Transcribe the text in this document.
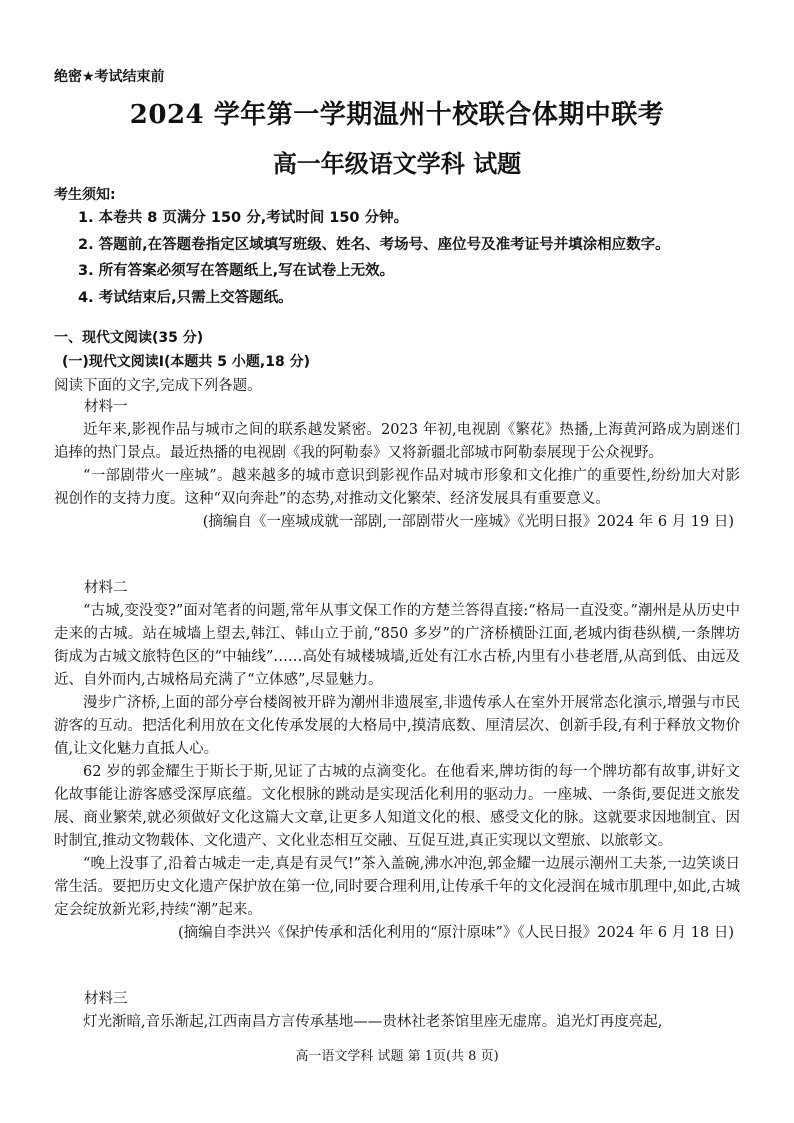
绝密★考试结束前
2024 学年第一学期温州十校联合体期中联考
高一年级语文学科 试题
考生须知:
1. 本卷共 8 页满分 150 分,考试时间 150 分钟。
2. 答题前,在答题卷指定区域填写班级、姓名、考场号、座位号及准考证号并填涂相应数字。
3. 所有答案必须写在答题纸上,写在试卷上无效。
4. 考试结束后,只需上交答题纸。
一、现代文阅读(35 分)
(一)现代文阅读Ⅰ(本题共 5 小题,18 分)
阅读下面的文字,完成下列各题。

材料一

近年来,影视作品与城市之间的联系越发紧密。2023 年初,电视剧《繁花》热播,上海黄河路成为剧迷们追捧的热门景点。最近热播的电视剧《我的阿勒泰》又将新疆北部城市阿勒泰展现于公众视野。

“一部剧带火一座城”。越来越多的城市意识到影视作品对城市形象和文化推广的重要性,纷纷加大对影视创作的支持力度。这种“双向奔赴”的态势,对推动文化繁荣、经济发展具有重要意义。

(摘编自《一座城成就一部剧,一部剧带火一座城》《光明日报》2024 年 6 月 19 日)

材料二

“古城,变没变?”面对笔者的问题,常年从事文保工作的方楚兰答得直接:“格局一直没变。”潮州是从历史中走来的古城。站在城墙上望去,韩江、韩山立于前,“850 多岁”的广济桥横卧江面,老城内街巷纵横,一条牌坊街成为古城文旅特色区的“中轴线”……高处有城楼城墙,近处有江水古桥,内里有小巷老厝,从高到低、由远及近、自外而内,古城格局充满了“立体感”,尽显魅力。

漫步广济桥,上面的部分亭台楼阁被开辟为潮州非遗展室,非遗传承人在室外开展常态化演示,增强与市民游客的互动。把活化利用放在文化传承发展的大格局中,摸清底数、厘清层次、创新手段,有利于释放文物价值,让文化魅力直抵人心。

62 岁的郭金耀生于斯长于斯,见证了古城的点滴变化。在他看来,牌坊街的每一个牌坊都有故事,讲好文化故事能让游客感受深厚底蕴。文化根脉的跳动是实现活化利用的驱动力。一座城、一条街,要促进文旅发展、商业繁荣,就必须做好文化这篇大文章,让更多人知道文化的根、感受文化的脉。这就要求因地制宜、因时制宜,推动文物载体、文化遗产、文化业态相互交融、互促互进,真正实现以文塑旅、以旅彰文。

“晚上没事了,沿着古城走一走,真是有灵气!”茶入盖碗,沸水冲泡,郭金耀一边展示潮州工夫茶,一边笑谈日常生活。要把历史文化遗产保护放在第一位,同时要合理利用,让传承千年的文化浸润在城市肌理中,如此,古城定会绽放新光彩,持续“潮”起来。

(摘编自李洪兴《保护传承和活化利用的“原汁原味”》《人民日报》2024 年 6 月 18 日)

材料三

灯光渐暗,音乐渐起,江西南昌方言传承基地——贵林社老茶馆里座无虚席。追光灯再度亮起,

高一语文学科 试题 第 1页(共 8 页)
